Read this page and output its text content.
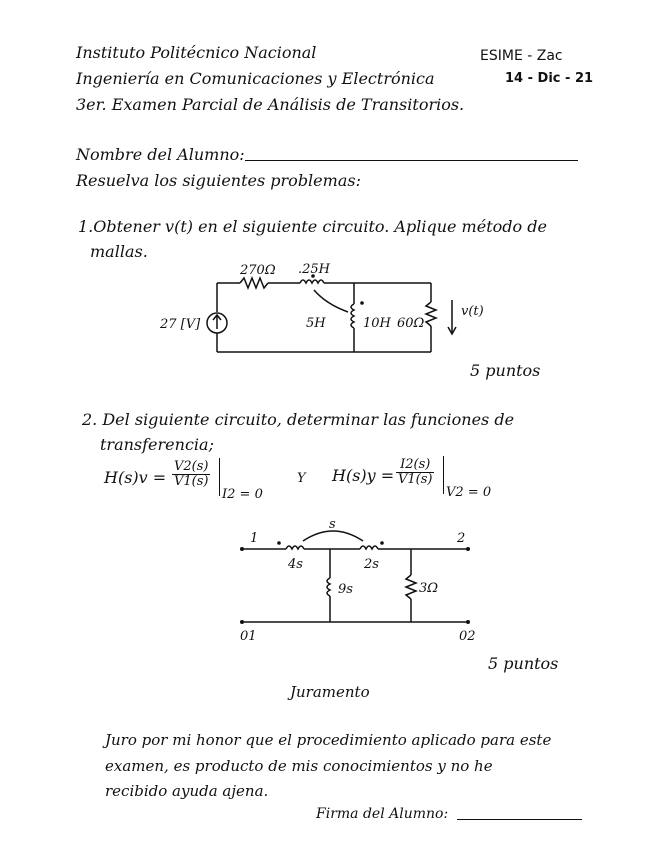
Instituto Politécnico Nacional	ESIME - Zac
Ingeniería en Comunicaciones y Electrónica	14 - Dic - 21
3er. Examen Parcial de Análisis de Transitorios.
Nombre del Alumno:
Resuelva los siguientes problemas:
1.Obtener v(t) en el siguiente circuito. Aplique método de
mallas.
27 [V]
270Ω .25H
5H	10H 60Ω
v(t)
5 puntos
2. Del siguiente circuito, determinar las funciones de
transferencia;
$H(s)v = \frac{V2(s)}{V1(s)}$
I2 = 0
Y $H(s)y = \frac{I2(s)}{V1(s)}$
V2 = 0
s
1	2
4s	2s
9s	3Ω
01	02
5 puntos
Juramento
Juro por mi honor que el procedimiento aplicado para este
examen, es producto de mis conocimientos y no he
recibido ayuda ajena.
Firma del Alumno:
